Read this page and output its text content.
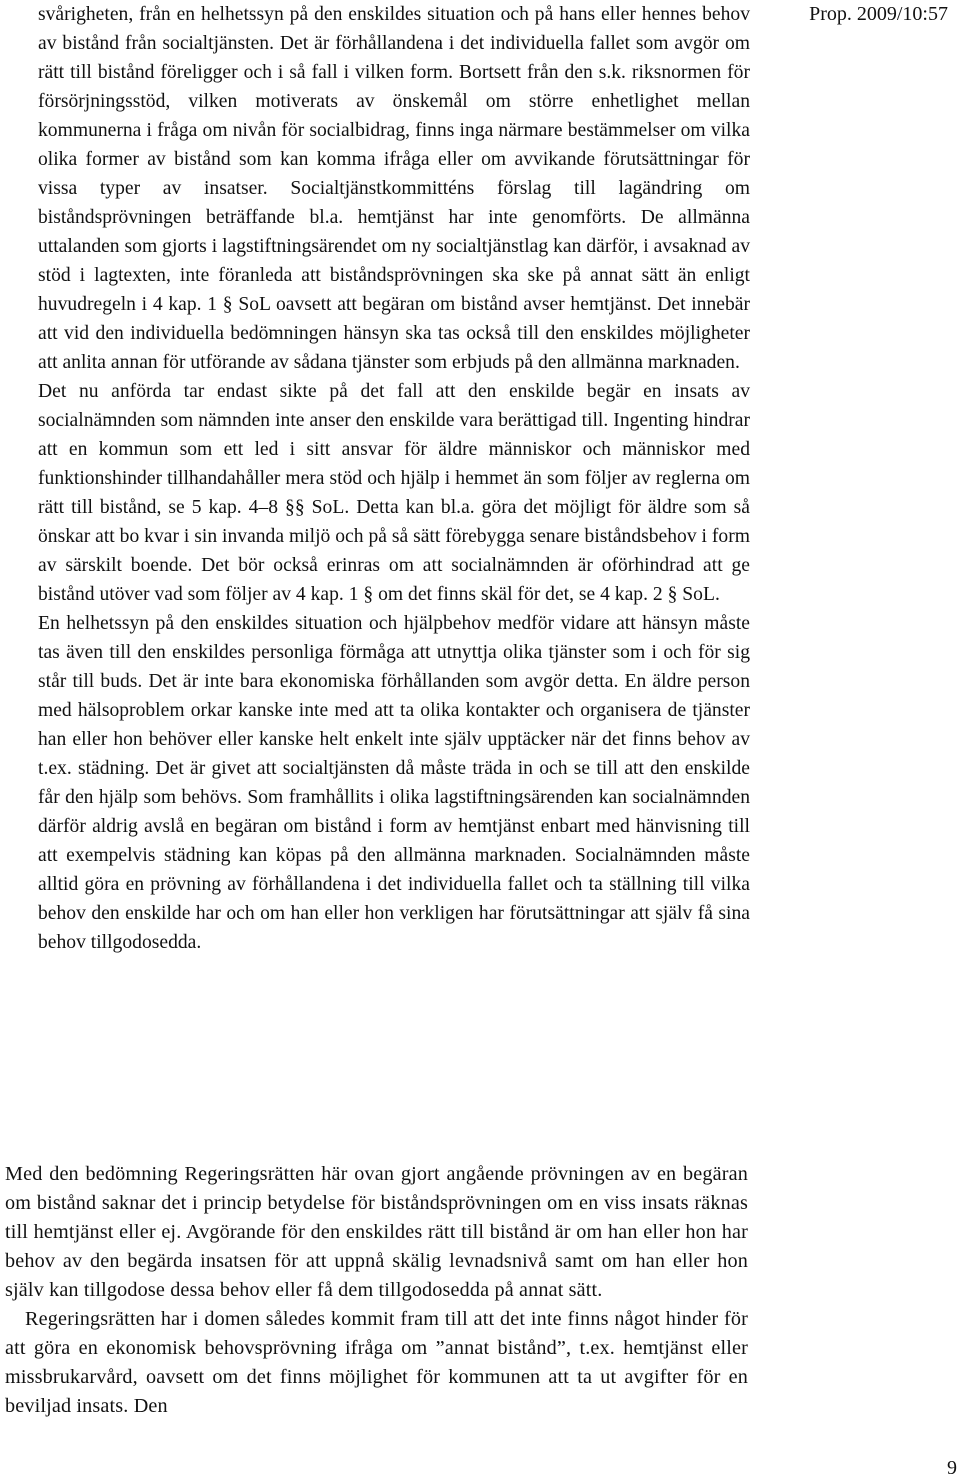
svårigheten, från en helhetssyn på den enskildes situation och på hans eller hennes behov av bistånd från socialtjänsten. Det är förhållandena i det individuella fallet som avgör om rätt till bistånd föreligger och i så fall i vilken form. Bortsett från den s.k. riksnormen för försörjningsstöd, vilken motiverats av önskemål om större enhetlighet mellan kommunerna i fråga om nivån för socialbidrag, finns inga närmare bestämmelser om vilka olika former av bistånd som kan komma ifråga eller om avvikande förutsättningar för vissa typer av insatser. Socialtjänstkommitténs förslag till lagändring om biståndsprövningen beträffande bl.a. hemtjänst har inte genomförts. De allmänna uttalanden som gjorts i lagstiftningsärendet om ny socialtjänstlag kan därför, i avsaknad av stöd i lagtexten, inte föranleda att biståndsprövningen ska ske på annat sätt än enligt huvudregeln i 4 kap. 1 § SoL oavsett att begäran om bistånd avser hemtjänst. Det innebär att vid den individuella bedömningen hänsyn ska tas också till den enskildes möjligheter att anlita annan för utförande av sådana tjänster som erbjuds på den allmänna marknaden.

Det nu anförda tar endast sikte på det fall att den enskilde begär en insats av socialnämnden som nämnden inte anser den enskilde vara berättigad till. Ingenting hindrar att en kommun som ett led i sitt ansvar för äldre människor och människor med funktionshinder tillhandahåller mera stöd och hjälp i hemmet än som följer av reglerna om rätt till bistånd, se 5 kap. 4–8 §§ SoL. Detta kan bl.a. göra det möjligt för äldre som så önskar att bo kvar i sin invanda miljö och på så sätt förebygga senare biståndsbehov i form av särskilt boende. Det bör också erinras om att socialnämnden är oförhindrad att ge bistånd utöver vad som följer av 4 kap. 1 § om det finns skäl för det, se 4 kap. 2 § SoL.

En helhetssyn på den enskildes situation och hjälpbehov medför vidare att hänsyn måste tas även till den enskildes personliga förmåga att utnyttja olika tjänster som i och för sig står till buds. Det är inte bara ekonomiska förhållanden som avgör detta. En äldre person med hälsoproblem orkar kanske inte med att ta olika kontakter och organisera de tjänster han eller hon behöver eller kanske helt enkelt inte själv upptäcker när det finns behov av t.ex. städning. Det är givet att socialtjänsten då måste träda in och se till att den enskilde får den hjälp som behövs. Som framhållits i olika lagstiftningsärenden kan socialnämnden därför aldrig avslå en begäran om bistånd i form av hemtjänst enbart med hänvisning till att exempelvis städning kan köpas på den allmänna marknaden. Socialnämnden måste alltid göra en prövning av förhållandena i det individuella fallet och ta ställning till vilka behov den enskilde har och om han eller hon verkligen har förutsättningar att själv få sina behov tillgodosedda.

Prop. 2009/10:57

Med den bedömning Regeringsrätten här ovan gjort angående prövningen av en begäran om bistånd saknar det i princip betydelse för biståndsprövningen om en viss insats räknas till hemtjänst eller ej. Avgörande för den enskildes rätt till bistånd är om han eller hon har behov av den begärda insatsen för att uppnå skälig levnadsnivå samt om han eller hon själv kan tillgodose dessa behov eller få dem tillgodosedda på annat sätt.

Regeringsrätten har i domen således kommit fram till att det inte finns något hinder för att göra en ekonomisk behovsprövning ifråga om ”annat bistånd”, t.ex. hemtjänst eller missbrukarvård, oavsett om det finns möjlighet för kommunen att ta ut avgifter för en beviljad insats. Den

9
